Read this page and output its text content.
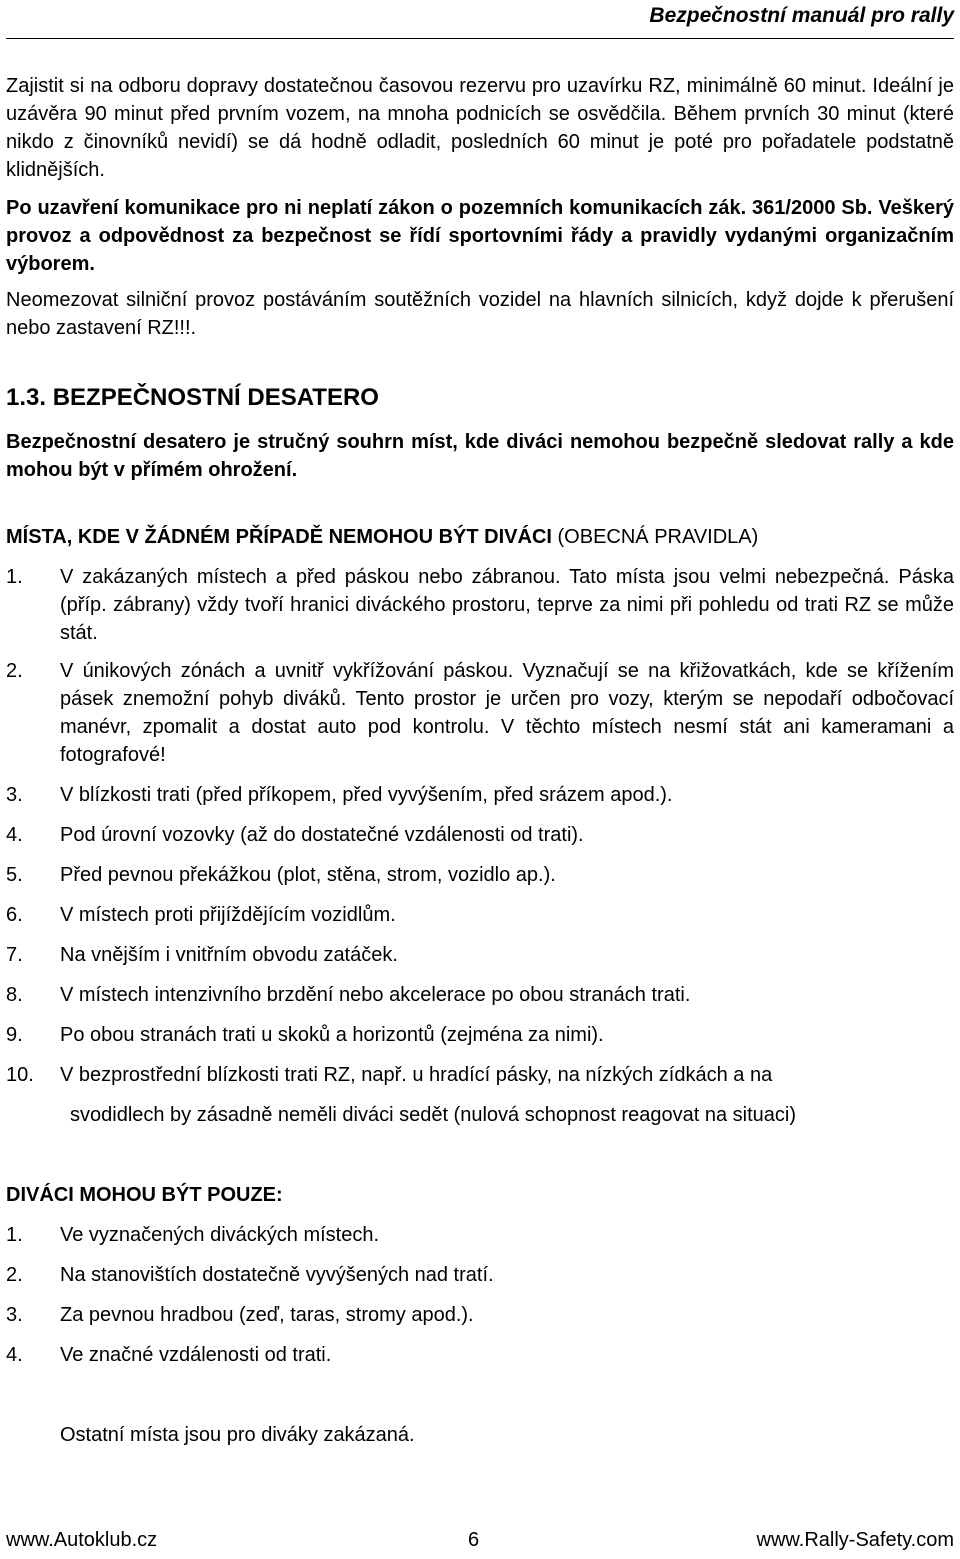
Bezpečnostní manuál pro rally

Zajistit si na odboru dopravy dostatečnou časovou rezervu pro uzavírku RZ, minimálně 60 minut. Ideální je uzávěra 90 minut před prvním vozem, na mnoha podnicích se osvědčila. Během prvních 30 minut (které nikdo z činovníků nevidí) se dá hodně odladit, posledních 60 minut je poté pro pořadatele podstatně klidnějších.

Po uzavření komunikace pro ni neplatí zákon o pozemních komunikacích zák. 361/2000 Sb. Veškerý provoz a odpovědnost za bezpečnost se řídí sportovními řády a pravidly vydanými organizačním výborem.

Neomezovat silniční provoz postáváním soutěžních vozidel na hlavních silnicích, když dojde k přerušení nebo zastavení RZ!!!.

1.3. BEZPEČNOSTNÍ DESATERO

Bezpečnostní desatero je stručný souhrn míst, kde diváci nemohou bezpečně sledovat rally a kde mohou být v přímém ohrožení.

MÍSTA, KDE V ŽÁDNÉM PŘÍPADĚ NEMOHOU BÝT DIVÁCI (OBECNÁ PRAVIDLA)
1.	V zakázaných místech a před páskou nebo zábranou. Tato místa jsou velmi nebezpečná. Páska (příp. zábrany) vždy tvoří hranici diváckého prostoru, teprve za nimi při pohledu od trati RZ se může stát.
2.	V únikových zónách a uvnitř vykřížování páskou. Vyznačují se na křižovatkách, kde se křížením pásek znemožní pohyb diváků. Tento prostor je určen pro vozy, kterým se nepodaří odbočovací manévr, zpomalit a dostat auto pod kontrolu. V těchto místech nesmí stát ani kameramani a fotografové!
3.	V blízkosti trati (před příkopem, před vyvýšením, před srázem apod.).
4.	Pod úrovní vozovky (až do dostatečné vzdálenosti od trati).
5.	Před pevnou překážkou (plot, stěna, strom, vozidlo ap.).
6.	V místech proti přijíždějícím vozidlům.
7.	Na vnějším i vnitřním obvodu zatáček.
8.	V místech intenzivního brzdění nebo akcelerace po obou stranách trati.
9.	Po obou stranách trati u skoků a horizontů (zejména za nimi).
10.	V bezprostřední blízkosti trati RZ, např. u hradící pásky, na nízkých zídkách a na
svodidlech by zásadně neměli diváci sedět (nulová schopnost reagovat na situaci)
DIVÁCI MOHOU BÝT POUZE:
1.	Ve vyznačených diváckých místech.
2.	Na stanovištích dostatečně vyvýšených nad tratí.
3.	Za pevnou hradbou (zeď, taras, stromy apod.).
4.	Ve značné vzdálenosti od trati.
Ostatní místa jsou pro diváky zakázaná.
www.Autoklub.cz	6	www.Rally-Safety.com
